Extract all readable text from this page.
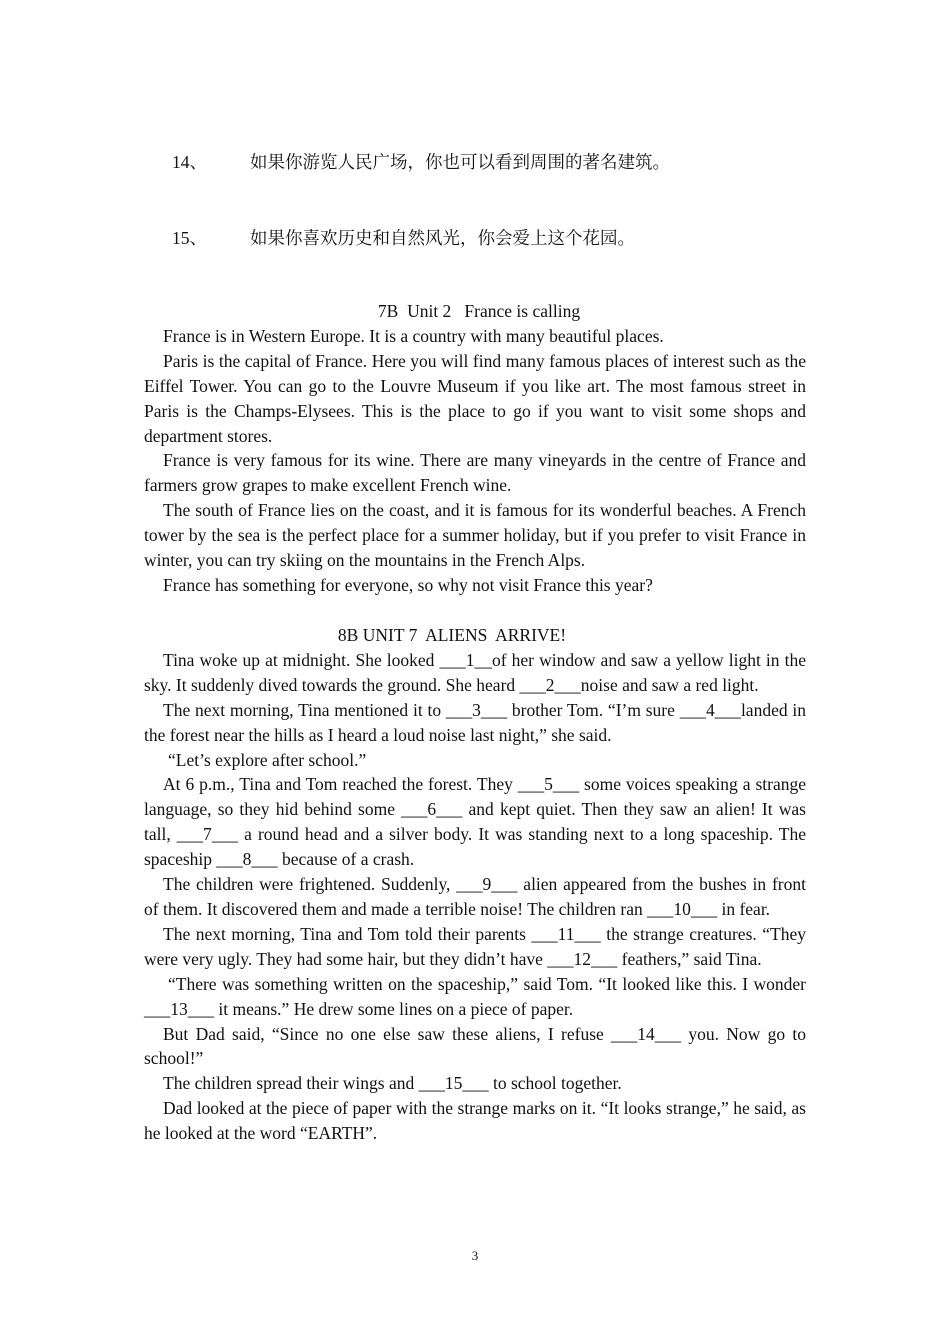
14、 如果你游览人民广场，你也可以看到周围的著名建筑。
15、 如果你喜欢历史和自然风光，你会爱上这个花园。
7B  Unit 2   France is calling

France is in Western Europe. It is a country with many beautiful places.

Paris is the capital of France. Here you will find many famous places of interest such as the Eiffel Tower. You can go to the Louvre Museum if you like art. The most famous street in Paris is the Champs-Elysees. This is the place to go if you want to visit some shops and department stores.

France is very famous for its wine. There are many vineyards in the centre of France and farmers grow grapes to make excellent French wine.

The south of France lies on the coast, and it is famous for its wonderful beaches. A French tower by the sea is the perfect place for a summer holiday, but if you prefer to visit France in winter, you can try skiing on the mountains in the French Alps.

France has something for everyone, so why not visit France this year?

8B UNIT 7  ALIENS  ARRIVE!

Tina woke up at midnight. She looked ___1__of her window and saw a yellow light in the sky. It suddenly dived towards the ground. She heard ___2___noise and saw a red light.

The next morning, Tina mentioned it to ___3___ brother Tom. “I’m sure ___4___landed in the forest near the hills as I heard a loud noise last night,” she said.

“Let’s explore after school.”

At 6 p.m., Tina and Tom reached the forest. They ___5___ some voices speaking a strange language, so they hid behind some ___6___ and kept quiet. Then they saw an alien! It was tall, ___7___ a round head and a silver body. It was standing next to a long spaceship. The spaceship ___8___ because of a crash.

The children were frightened. Suddenly, ___9___ alien appeared from the bushes in front of them. It discovered them and made a terrible noise! The children ran ___10___ in fear.

The next morning, Tina and Tom told their parents ___11___ the strange creatures. “They were very ugly. They had some hair, but they didn’t have ___12___ feathers,” said Tina.

“There was something written on the spaceship,” said Tom. “It looked like this. I wonder ___13___ it means.” He drew some lines on a piece of paper.

But Dad said, “Since no one else saw these aliens, I refuse ___14___ you. Now go to school!”

The children spread their wings and ___15___ to school together.

Dad looked at the piece of paper with the strange marks on it. “It looks strange,” he said, as he looked at the word “EARTH”.

3
